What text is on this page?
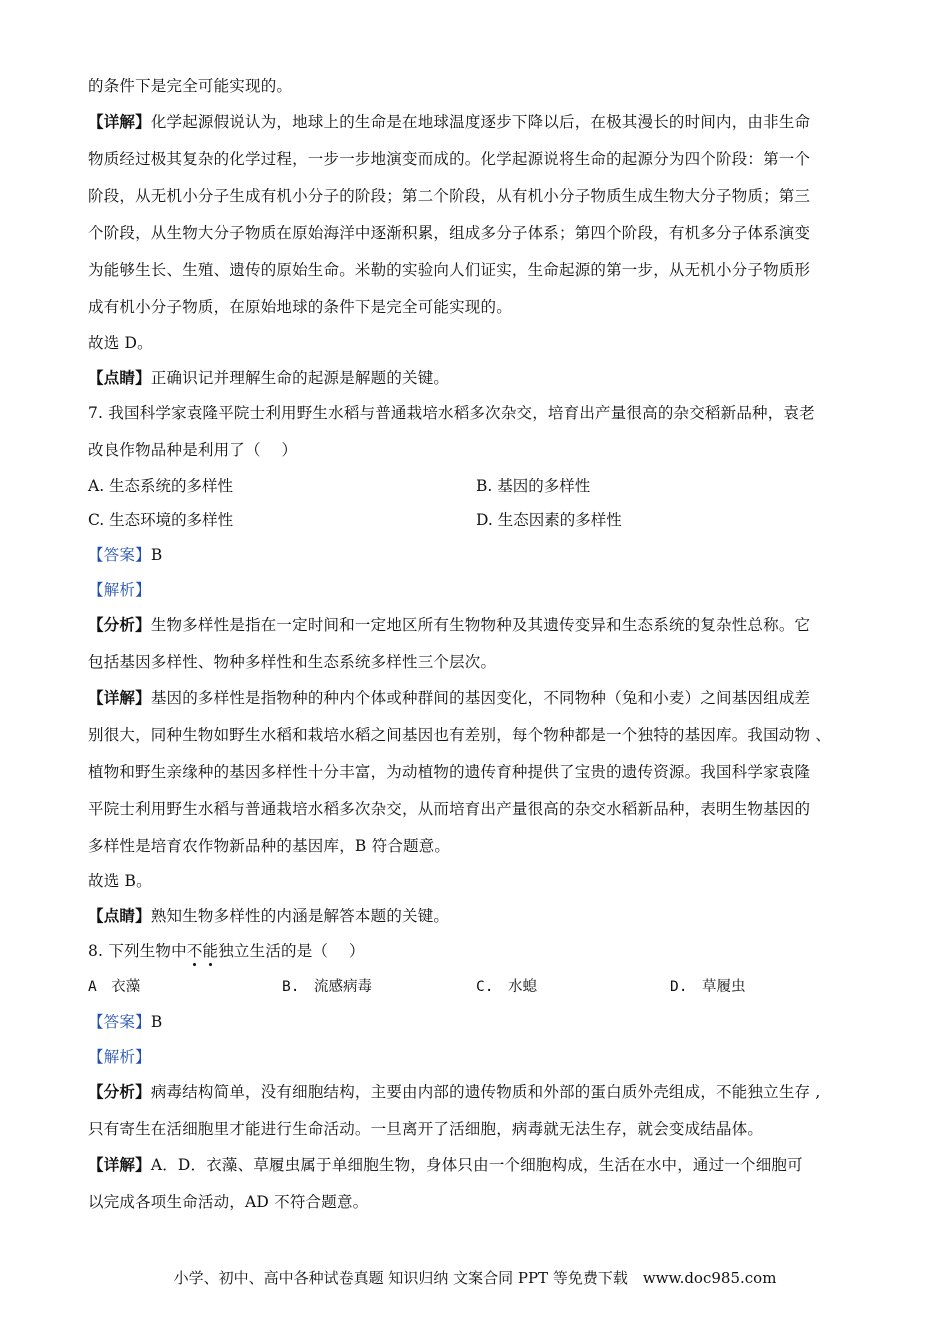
的条件下是完全可能实现的。
【详解】化学起源假说认为，地球上的生命是在地球温度逐步下降以后，在极其漫长的时间内，由非生命
物质经过极其复杂的化学过程，一步一步地演变而成的。化学起源说将生命的起源分为四个阶段：第一个
阶段，从无机小分子生成有机小分子的阶段；第二个阶段，从有机小分子物质生成生物大分子物质；第三
个阶段，从生物大分子物质在原始海洋中逐渐积累，组成多分子体系；第四个阶段，有机多分子体系演变
为能够生长、生殖、遗传的原始生命。米勒的实验向人们证实，生命起源的第一步，从无机小分子物质形
成有机小分子物质，在原始地球的条件下是完全可能实现的。
故选 D。
【点睛】正确识记并理解生命的起源是解题的关键。
7. 我国科学家袁隆平院士利用野生水稻与普通栽培水稻多次杂交，培育出产量很高的杂交稻新品种，袁老
改良作物品种是利用了（　 ）
A. 生态系统的多样性	B. 基因的多样性
C. 生态环境的多样性	D. 生态因素的多样性
【答案】B
【解析】
【分析】生物多样性是指在一定时间和一定地区所有生物物种及其遗传变异和生态系统的复杂性总称。它
包括基因多样性、物种多样性和生态系统多样性三个层次。
【详解】基因的多样性是指物种的种内个体或种群间的基因变化，不同物种（兔和小麦）之间基因组成差
别很大，同种生物如野生水稻和栽培水稻之间基因也有差别，每个物种都是一个独特的基因库。我国动物 、
植物和野生亲缘种的基因多样性十分丰富，为动植物的遗传育种提供了宝贵的遗传资源。我国科学家袁隆
平院士利用野生水稻与普通栽培水稻多次杂交，从而培育出产量很高的杂交水稻新品种，表明生物基因的
多样性是培育农作物新品种的基因库，B 符合题意。
故选 B。
【点睛】熟知生物多样性的内涵是解答本题的关键。
8. 下列生物中不能独立生活的是（　 ）
A　衣藻	B.　流感病毒	C.　水螅	D.　草履虫
【答案】B
【解析】
【分析】病毒结构简单，没有细胞结构，主要由内部的遗传物质和外部的蛋白质外壳组成，不能独立生存 ,
只有寄生在活细胞里才能进行生命活动。一旦离开了活细胞，病毒就无法生存，就会变成结晶体。
【详解】A．D．衣藻、草履虫属于单细胞生物，身体只由一个细胞构成，生活在水中，通过一个细胞可
以完成各项生命活动，AD 不符合题意。
小学、初中、高中各种试卷真题 知识归纳 文案合同 PPT 等免费下载　www.doc985.com
